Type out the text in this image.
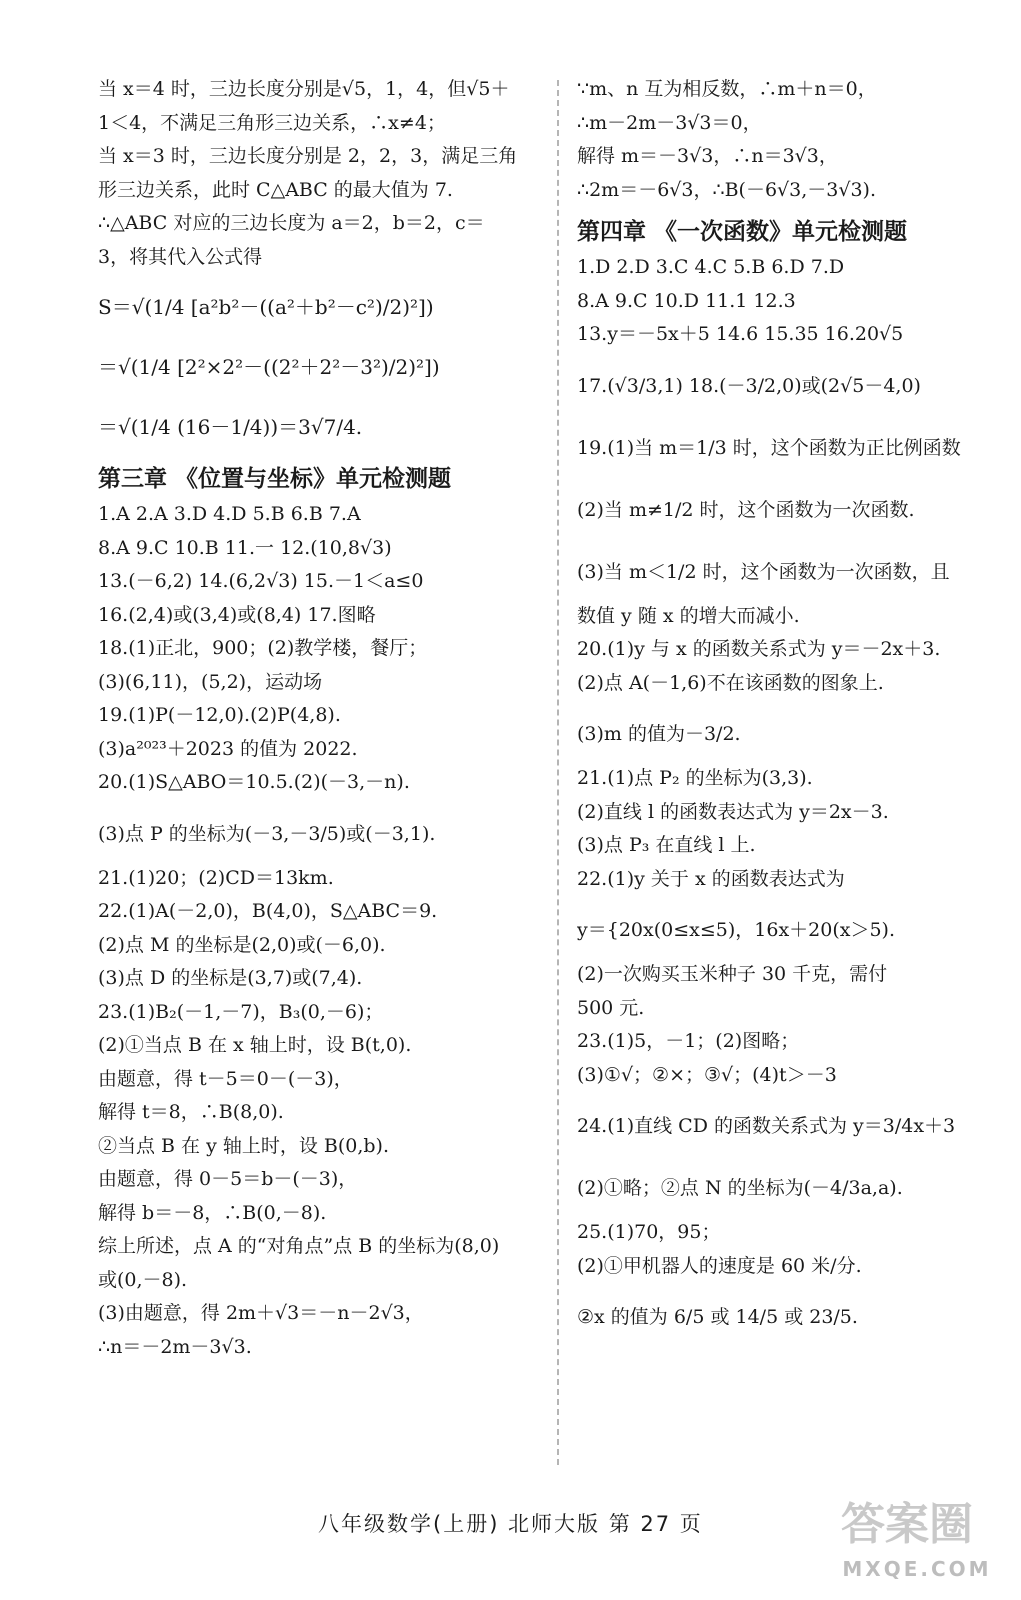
当 x＝4 时，三边长度分别是√5，1，4，但√5＋
1＜4，不满足三角形三边关系，∴x≠4；
当 x＝3 时，三边长度分别是 2，2，3，满足三角
形三边关系，此时 C△ABC 的最大值为 7.
∴△ABC 对应的三边长度为 a＝2，b＝2，c＝
3，将其代入公式得
S＝√(1/4 [a²b²－((a²＋b²－c²)/2)²])
＝√(1/4 [2²×2²－((2²＋2²－3²)/2)²])
＝√(1/4 (16－1/4))＝3√7/4.
第三章 《位置与坐标》单元检测题
1.A 2.A 3.D 4.D 5.B 6.B 7.A
8.A 9.C 10.B 11.一 12.(10,8√3)
13.(－6,2) 14.(6,2√3) 15.－1＜a≤0
16.(2,4)或(3,4)或(8,4) 17.图略
18.(1)正北，900；(2)教学楼，餐厅；
(3)(6,11)，(5,2)，运动场
19.(1)P(－12,0).(2)P(4,8).
(3)a²⁰²³＋2023 的值为 2022.
20.(1)S△ABO＝10.5.(2)(－3,－n).
(3)点 P 的坐标为(－3,－3/5)或(－3,1).
21.(1)20；(2)CD＝13km.
22.(1)A(－2,0)，B(4,0)，S△ABC＝9.
(2)点 M 的坐标是(2,0)或(－6,0).
(3)点 D 的坐标是(3,7)或(7,4).
23.(1)B₂(－1,－7)，B₃(0,－6)；
(2)①当点 B 在 x 轴上时，设 B(t,0).
由题意，得 t－5＝0－(－3)，
解得 t＝8，∴B(8,0).
②当点 B 在 y 轴上时，设 B(0,b).
由题意，得 0－5＝b－(－3)，
解得 b＝－8，∴B(0,－8).
综上所述，点 A 的“对角点”点 B 的坐标为(8,0)
或(0,－8).
(3)由题意，得 2m＋√3＝－n－2√3，
∴n＝－2m－3√3.
∵m、n 互为相反数，∴m＋n＝0，
∴m－2m－3√3＝0，
解得 m＝－3√3，∴n＝3√3，
∴2m＝－6√3，∴B(－6√3,－3√3).
第四章 《一次函数》单元检测题
1.D 2.D 3.C 4.C 5.B 6.D 7.D
8.A 9.C 10.D 11.1 12.3
13.y＝－5x＋5 14.6 15.35 16.20√5
17.(√3/3,1) 18.(－3/2,0)或(2√5－4,0)
19.(1)当 m＝1/3 时，这个函数为正比例函数
(2)当 m≠1/2 时，这个函数为一次函数.
(3)当 m＜1/2 时，这个函数为一次函数，且
数值 y 随 x 的增大而减小.
20.(1)y 与 x 的函数关系式为 y＝－2x＋3.
(2)点 A(－1,6)不在该函数的图象上.
(3)m 的值为－3/2.
21.(1)点 P₂ 的坐标为(3,3).
(2)直线 l 的函数表达式为 y＝2x－3.
(3)点 P₃ 在直线 l 上.
22.(1)y 关于 x 的函数表达式为
y＝{20x(0≤x≤5)，16x＋20(x＞5).
(2)一次购买玉米种子 30 千克，需付
500 元.
23.(1)5，－1；(2)图略；
(3)①√；②×；③√；(4)t＞－3
24.(1)直线 CD 的函数关系式为 y＝3/4x＋3
(2)①略；②点 N 的坐标为(－4/3a,a).
25.(1)70，95；
(2)①甲机器人的速度是 60 米/分.
②x 的值为 6/5 或 14/5 或 23/5.
八年级数学(上册) 北师大版 第 27 页	答案圈
MXQE.COM
